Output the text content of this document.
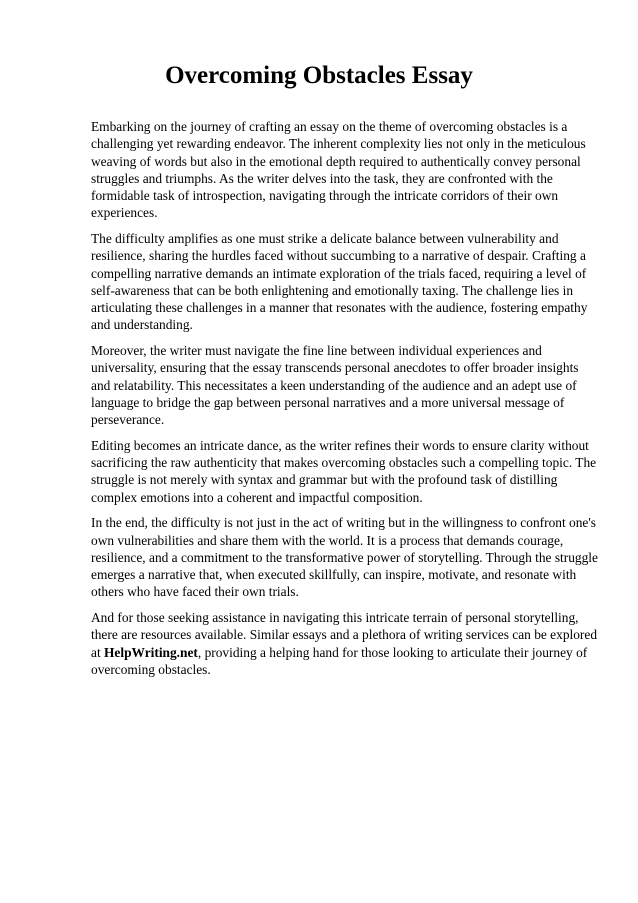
Overcoming Obstacles Essay

Embarking on the journey of crafting an essay on the theme of overcoming obstacles is a challenging yet rewarding endeavor. The inherent complexity lies not only in the meticulous weaving of words but also in the emotional depth required to authentically convey personal struggles and triumphs. As the writer delves into the task, they are confronted with the formidable task of introspection, navigating through the intricate corridors of their own experiences.

The difficulty amplifies as one must strike a delicate balance between vulnerability and resilience, sharing the hurdles faced without succumbing to a narrative of despair. Crafting a compelling narrative demands an intimate exploration of the trials faced, requiring a level of self-awareness that can be both enlightening and emotionally taxing. The challenge lies in articulating these challenges in a manner that resonates with the audience, fostering empathy and understanding.

Moreover, the writer must navigate the fine line between individual experiences and universality, ensuring that the essay transcends personal anecdotes to offer broader insights and relatability. This necessitates a keen understanding of the audience and an adept use of language to bridge the gap between personal narratives and a more universal message of perseverance.

Editing becomes an intricate dance, as the writer refines their words to ensure clarity without sacrificing the raw authenticity that makes overcoming obstacles such a compelling topic. The struggle is not merely with syntax and grammar but with the profound task of distilling complex emotions into a coherent and impactful composition.

In the end, the difficulty is not just in the act of writing but in the willingness to confront one's own vulnerabilities and share them with the world. It is a process that demands courage, resilience, and a commitment to the transformative power of storytelling. Through the struggle emerges a narrative that, when executed skillfully, can inspire, motivate, and resonate with others who have faced their own trials.

And for those seeking assistance in navigating this intricate terrain of personal storytelling, there are resources available. Similar essays and a plethora of writing services can be explored at HelpWriting.net, providing a helping hand for those looking to articulate their journey of overcoming obstacles.
